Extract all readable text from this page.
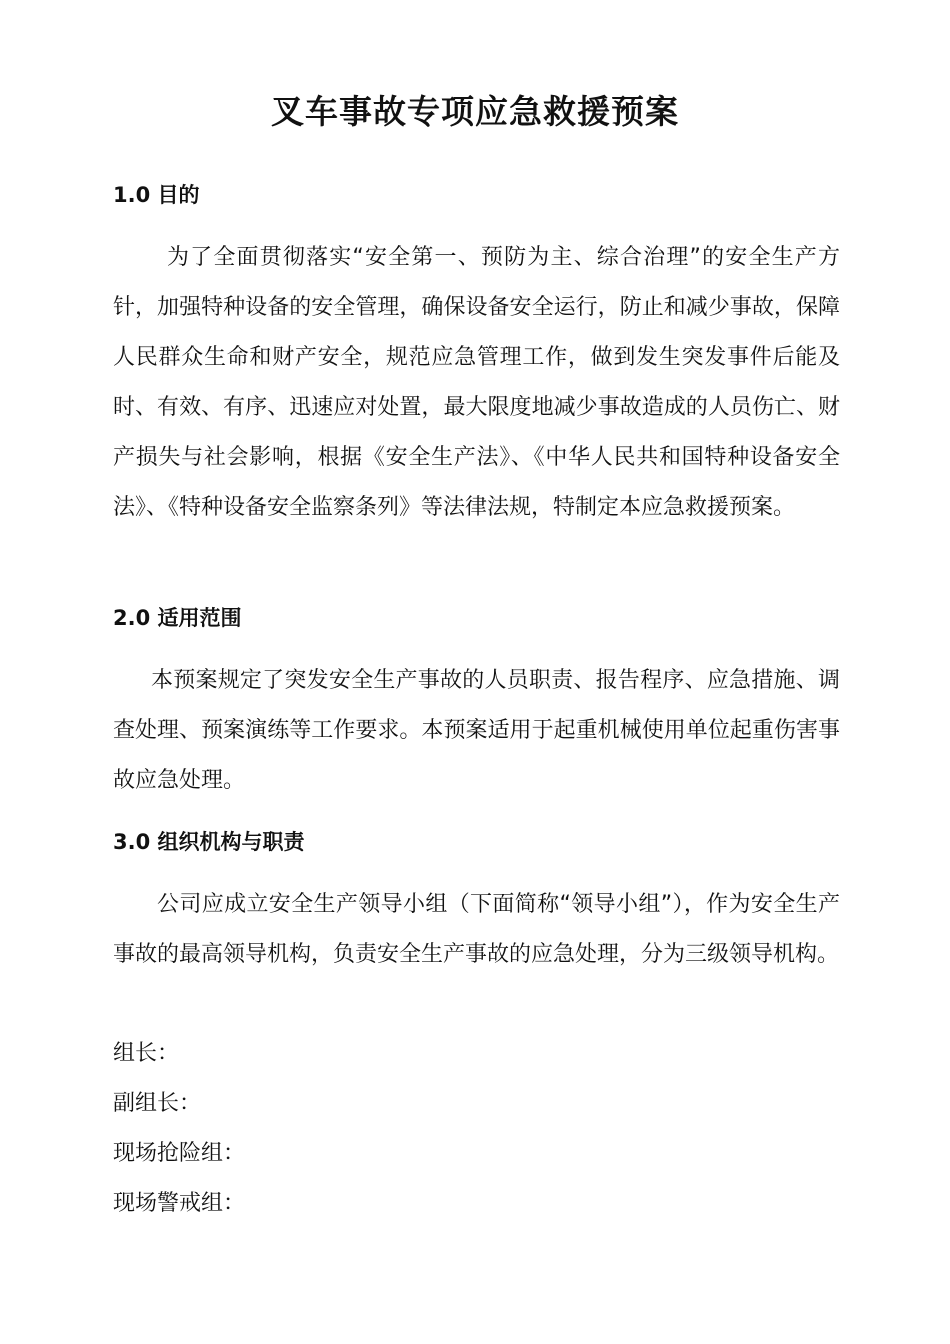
叉车事故专项应急救援预案
1.0 目的
为了全面贯彻落实“安全第一、预防为主、综合治理”的安全生产方针，加强特种设备的安全管理，确保设备安全运行，防止和减少事故，保障人民群众生命和财产安全，规范应急管理工作，做到发生突发事件后能及时、有效、有序、迅速应对处置，最大限度地减少事故造成的人员伤亡、财产损失与社会影响，根据《安全生产法》、《中华人民共和国特种设备安全法》、《特种设备安全监察条列》等法律法规，特制定本应急救援预案。
2.0 适用范围
本预案规定了突发安全生产事故的人员职责、报告程序、应急措施、调查处理、预案演练等工作要求。本预案适用于起重机械使用单位起重伤害事故应急处理。
3.0 组织机构与职责
公司应成立安全生产领导小组（下面简称“领导小组”），作为安全生产事故的最高领导机构，负责安全生产事故的应急处理，分为三级领导机构。
组长：
副组长：
现场抢险组：
现场警戒组：
